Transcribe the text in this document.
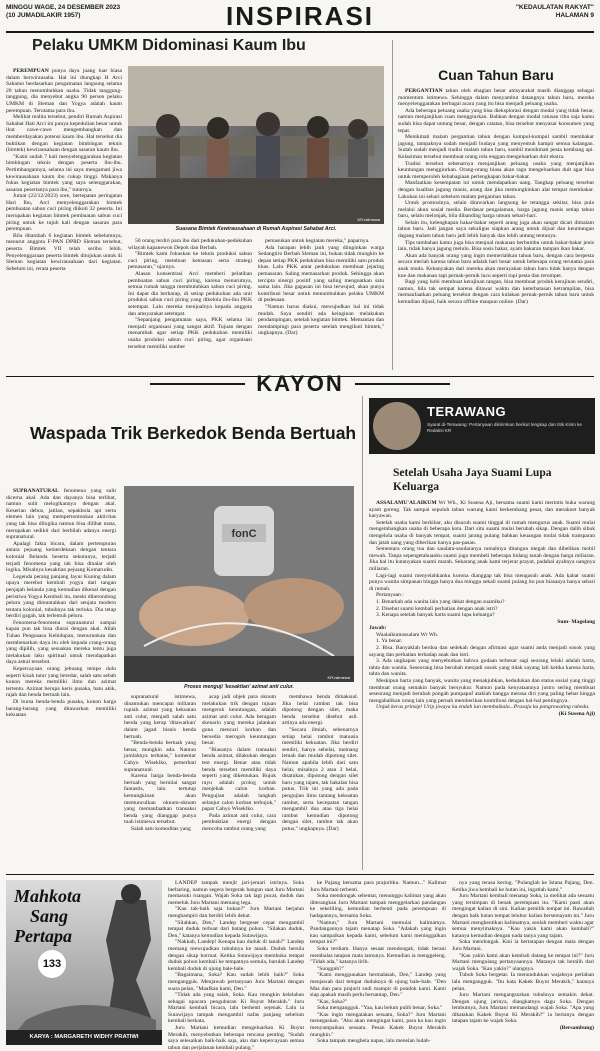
MINGGU WAGE, 24 DESEMBER 2023
(10 JUMADILAKIR 1957)	INSPIRASI	"KEDAULATAN RAKYAT"
HALAMAN 9
Pelaku UMKM Didominasi Kaum Ibu

PEREMPUAN punya daya juang luar biasa dalam berwirausaha. Hal ini diungkap H Arci Sahamo berdasarkan pengamatan langsung selama 20 tahun menumbuhkan usaha. Tidak tanggung-tanggung, dia menyebut angka 90 persen pelaku UMKM di Sleman dan Yogya adalah kaum perempuan. Terutama para ibu.

Melihat realita tersebut, pendiri Rumah Aspirasi Sahabat Hati Arci ini punya kepedulian besar untuk ikut cawe-cawe mengembangkan dan memberdayakan potensi kaum ibu. Hal tersebut dia buktikan dengan kegiatan bimbingan teknis (bimtek) kewirausahaan dengan sasaran kaum ibu.

"Kami sudah 7 kali menyelenggarakan kegiatan bimbingan teknis dengan peserta ibu-ibu. Pertimbangannya, selama ini saya mengamati jiwa kewirausahaan kaum ibu cukup tinggi. Makanya fokus kegiatan bimtek yang saya selenggarakan, sasaran pesertanya para ibu," tuturnya.

Jumat (22/12/2023) sore, bertepatan peringatan Hari Ibu, Arci menyelenggarakan bimtek pembuatan sabun cuci piring diikuti 32 peserta. Ini merupakan kegiatan bimtek pembuatan sabun cuci piring untuk ke tujuh kali dengan sasaran para perempuan.

Bila ditambah 6 kegiatan bimtek sebelumnya, menurut anggota F-PAN DPRD Sleman tersebut, peserta Bimtek VII telah seribu lebih. Penyelenggaraan peserta bimtek ditujukan untuk di Sleman kegiatan kewirausahaan dari kegiatan. Sebelum ini, rerata peserta

KR-istimewa
Suasana Bimtek Kewirausahaan di Rumah Aspirasi Sahabat Arci.

50 orang terdiri para ibu dari pedukuhan-pedukuhan wilayah kapanewon Depok dan Berbah.

"Bimtek kami fokuskan ke teknis produksi sabun cuci piring, membuat kemasan serta strategi pemasaran," ujarnya.

Alasan konsentrasi Arci memberi pelatihan pembuatan sabun cuci piring, karena menurutnya, semua rumah tangga membutuhkan sabun cuci piring. Ini dapat dia berharap, di setiap pedukuhan ada unit produksi sabun cuci piring yang dikelola ibu-ibu PKK setempat. Lalu mereka menjualnya kepada anggota dan amsyarakat setempat.

"Sepanjang pengamatan saya, PKK selama ini menjadi organisasi yang sangat aktif. Tujuan dengan menambah agar setiap PKK pedukuhan memiliki usaha produksi sabun cuci piring, agar organisasi tersebut memiliki sumber

pemasukan untuk kegiatan mereka," paparnya.

Ada harapan lebih jauh yang diinginkan warga Sedangtiro Berbah Sleman ini, bukan tidak mungkin ke depan setiap PKK pedukuhan bisa memiliki satu produk khas. Lalu PKK antar pedukuhan membuat jejaring pemasaran. Saling memasarkan produk. Sehingga akan tercipta sinergi positif yang saling menguatkan satu sama lain. Jika gagasan ini bisa terwujud, akan punya kontribusi besar untuk menumbuhkan pelaku UMKM di pedesaan.

"Namun harus diakui, mewujudkan hal ini tidak mudah. Saya sendiri ada keinginan melakukan pendampingan, setelah kegiatan bimtek. Memantau dan mendampingi para peserta setelah mengikuti bimtek," ungkapnya. (Dar)

Cuan Tahun Baru

PERGANTIAN tahun oleh ebagian besar amsyarakat masih dianggap sebagai momentum istimewa. Sehingga dalam menyambut datangnya tahun baru, mereka menyelenggarakan berbagai acara yang itu bisa menjadi peluang usaha.

Ada beberapa peluang usaha yang bisa dieksplorasi dengan modal yang tidak besar, namun menjanjikan cuan menggiurkan. Bahkan dengan modal ratusan ribu saja kamu sudah bisa dapat untung besar, dengan catatan, bisa tersebut menyasar konsumen yang tepat.

Menikmati malam pergantian tahun dengan kumpul-kumpul sambil membakar jagung, tampaknya sudah menjadi budaya yang menyentuh hampir semua kalangan. Sudah sudah menjadi tradisi malam tahun baru, sambil menikmati pesta kembang api. Kelaziman tersebut membuat orang rela enggan mengeluarkan duit ekstra.

Tradisi tersebut sebenarnya menjanjikan peluang usaha yang menjanjikan keuntungan menggiurkan. Orang-orang biasa akan ragu mengeluarkan duit agar bisa untuk memperoleh kebahagiaan perlengkapan bakar-bakar.

Manfaatkan kesempatan ini untuk mendapatkan uang. Tangkap peluang tersebut dengan kualitas jagung manis, arang dan jika memungkinkan alat tempat membakar. Lakukan ini sehari sebelum malam pergantian tahun.

Untuk promosinya, selain ditawarkan langsung ke tetangga sekitar, bisa pula melalui akun sosial media. Berdasar pengalaman, harga jagung manis setiap tahun baru, selalu melonjak, bila dibanding harga umum sehari-hari.

Selain itu, kelengkapan bakar-bakar seperti arang juga akan sangat dicari dimalam tahun baru. Jadi jangan saya sekaligus siapkan arang untuk dijual dan keuntungan dagang malam tahun baru jadi lebih banyak dan lebih untung tentunya.

Tips tambahan kamu juga bisa menjual makanan berbumbu untuk bakar-bakar jenis lain, tidak hanya jagung melulu. Bisa sosis bakar, ayam bakaran tampan ikan bakar.

Akan ada banyak orang yang ingin memeriahkan tahun baru, dengan cara berpesta secara meriah karena tahun baru adalah hari besar untuk beberapa orang terutama para anak muda. Kebanyakan dari mereka akan merayakan tahun baru tidak hanya dengan kue dan makanan tapi pernak-pernik lucu seperti topi pesta dan terompet.

Bagi yang hobi membuat kerajinan tangan, bisa membuat produk kerajinan sendiri, namun, bila tak sempat karena ditawar waktu dan keterbatasan ketrampilan, bisa memanfaatkan peluang tersebut dengan cara kulakan pernak-pernik tahun baru untuk kemudian dijual, baik secara offline maupun online. (Dar)

KAYON
Waspada Trik Berkedok Benda Bertuah

SUPRANATURAL fenomena yang sulit dicerna akal. Ada dan dayanya bisa terlihat, namun sulit melogikannya dengan akal. Keserian debus, jatilan, sepakbola api serta elemen lain yang mempertontonkan aktivitas yang tak bisa dilogika namun bisa dilihat mata, merupakan sedikit dari berbilah adanya energi supranatural.

Apalagi fakta bicara, dalam pertempuran antara pejuang kemerdekaan dengan tentara kolonial Belanda beserta sekutunya, terjadi terjadi fenomena yang tak bisa dinalar oleh logika. Misalnya kesaktian pejuang Komarudin.

Legenda perang panjang Jayur Kuning dalam upaya merebut kembali yogya dari tangan penjajah belanda yang kemudian dikenal dengan peristiwa Yogya Kembali itu, meski diberondong peluru yang dimuntahkan dari senjata modern tentara kolonial, tubuhnya tak terluka. Dia tetap berdiri gagah, tak terlentuh peluru.

Fenomena-fenomena supranatural sampai kapan pun tak bisa diurai dengan akal. Allah Tuhan Pengusasa Kehidupan, menurunkan dan membenarkan daya itu oleh kepada crang-orang yang dipilih, yang sesuakan mereka tentu juga melakukan laku spiritual untuk mendapatkan daya astral tersebut.

Kepercayaan orang jebuang tempo dulu seperti kisah tutur yang beredar, salah satu sebab konon mereka memiliki ilmu dan azimat tertentu. Azimat berupa keris pusaka, batu akik, rajah dan benda bertuah lain.

Di bursa benda-benda pusaka, konon harga barang-barang yang ditawarkan memiliki kekuatan

fonC
KR-istimewa
Proses menguji 'kesaktian' azimat anti culur.

supranatural istimewa, dinamukan mencapai miliaran rupiah. azimat yang kekuatan anti culur, menjadi salah satu benda yang kerap 'ditawarkan' dalam jagad bisnis benda bertuah.

"Benda-benda bertuah yang benar, mungkin ada. Namun jumlahnya terbatas," komentar Cahyo Wiseklko, pemerhati supranatural.

Karena harga benda-benda bertuah yang bernilai sangat fantastis, lalu tertutup kemungkinan akan memunculkan oknum-oknum yang memanfaatkan transaksi benda yang dianggap punya tuah istimewa tersebut.

Salah satu komoditas yang

acap jadi objek para oknum melakukan trik dengan tujuan mengeruk keuntungan, adalah azimat anti culur. Ada beragam skenario yang mereka jalankan guna mencari korban dan bersedia merogoh keuntungan besar.

"Biasanya dalam transaksi benda azimat, dilakukan dengan test energi. Benar atau tidak benda tersebut memiliki daya seperti yang dikemukan. Bujuk rayu adalah prolog untuk menjebak calon korban. Pengujian adalah langkah selanjut calon korban terbujuk," papar Cahyo Wiseklko.

Pada azimat anti culur, cara pembuktian energi dengan mencoba rambut orang yang

membawa benda dimaksud. Jika helai rambut tak bisa dipotong dengan silet, maka benda tersebut disebut asli. artinya ada energi.

"Secara ilmiah, sebenarnya setiap helai rambut manusia memiliki kekuatan. Jika berdiri sendiri, hanya sehelai, memang lemah dan mudah dipotong silet. Namun apabila lebih dari satu helai, misalnya 2 atau 3 helai, disatukan, dipotong dengan silet baru yang tajam, tak bakalan bisa putus. Trik ini yang ada pada pengujian ilmu tantang kekuatan rambut, serta kecepatan tangan mengambil dua atau tiga helai rambut kemudian dipotong dengan silet, rambut tak akan putus," ungkapnya. (Dar)

TERAWANG
Syarat di-Terawang: Pertanyaan dikirimkan berikut lengkap dan titik Kirim ke Redaksi KR
Setelah Usaha Jaya Suami Lupa Keluarga

ASSALAMU'ALAIKUM Wr Wb., Ki Susena Aji, bersama suami kami merintis buka warung ayam goreng. Tak sampai sepuluh tahun warung kami berkembang pesat, dan meraknet banyak karyawan.

Setelah usaha kami berkibar, aku disuruh suami tinggal di rumah mengurus anak. Suami mulai mengembangkan usaha di beberapa kota. Dari situ suami mulai berubah sikap. Dengan dalih sibuk mengelola usaha di banyak tempat, suami jarang pulang bahkan keuangan mulai tidak transparan dan jatah uang yang diberikan hanya pas-pasan.

Sementara orang tua dan saudara-saudaranya rumahnya ditangun megah dan dibelikan mobil mewah. Tanpa sepengetahuanku suami juga membeli beberapa bidang tanah dengan harga miliaran. Jika hal itu kutanyakan suami marah. Sekarang anak kami terjerat prayut, padahal ayahnya uangnya miliaran.

Lagi-lagi suami menyelahkanku korona dianggap tak bisa mengasuh anak. Ada kabar suami punya wanita simpanan hingga hanya dua minggu sekali suami pulang itu pun biasanya hanya sehari di rumah.

Pertanyaan :

1. Benarkah ada wanita lain yang dekat dengan suamiku?

2. Disebut suami kembali perhatian dengan anak istri?

3. Kenapa setelah banyak harta suami lupa keluarga?

Sum- Magelang

Jawab:

Waalaikumussalam Wr Wb.

1. Ya benar.

2. Bisa. Banyaklah berdoa dan sedekah dengan afirmasi agar suami anda menjadi sosok yang sayang dan perhatian terhadap anak dan istri.

3. Ada ungkapan yang menyebutkan bahwa godaan terbesar sagi seorang lelaki adalah harta, tahta dan wanita. Seseorang bisa berubah menjadi sosok yang tidak sayang lali ketika karena harta, tahta dan wanita.

Meskipun harta yang banyak, wanita yang menakjubkan, kedudukan dan status sosial yang tinggi membuat orang semakin banyak bersyukur. Namun pada kenyataannya justru sering membuat seseorang menjadi berubah pongah pumpapuf ataklah bangga merasa diri yang paling hebat hingga mengabalikan orang lain yang pernah memberikan kontribusi dengan hal-hal pentingnya.

Unjuk keras prinsip! Urip jiwaya ku endah lan membaikala...Prasaja ku pangrowating rubeda.

(Ki Susena Aji)

Mahkota
Sang
Pertapa
133
KARYA : MARGARETH WIDHY PRATIWI

LANDEP tampak menjit jari-jemari istrinya. Soka berbaring, namun segera bergerak bangun saat Juru Martani memasuki ruangan. Wajah Soka tak lagi pucat, duduk dan memeluk Juru Martani memang lega.

"Kau tak-baik saja bukan?" Juru Martani berjalan menghampiri dan berdiri lebih dekat.

"Silahkan, Den," Landep bergeser cepat mengambil tempat duduk terbuat dari batang pohon. "Silakan duduk, Den," katanya kemudian kepada Sutawijaya.

"Nakkah, Landep! Kenapa kau duduk di tanah?" Landep memang mewujudkan tubuhnya ke tanah. Duduk bersila dengan sikap hormat. Ketika Sutawijaya membuka tempat duduk pohon kembali ke tempatnya semula, barulah Landep kembali duduk di ujung bale-bale.

"Bagaimana, Soka? Kau sudah lebih baik?" Soka mengangguk. Menjawab pertanyaan Juru Martani dengan suara pelan, "Maafkan kami, Den."

"Tidak ada yang salah, Soka. Kau mungkin kelelahan sebagai upacara penguburan Ki Buyut Merakih." Juru Martani kembali bicara, lalu berhenti sejenak. Lalu ia Sutawijaya tampak mengambil nafas panjang sebelum kembali berkata.

Juru Martani kemudian mengeluarkan Ki Buyut Merakih, menyebutkan beberapa rencana penting. "Sudah saya selesaikan baik-baik saja, aku dan kepercayaan semua tahun dan perjalanan kembali pulang."

ke Pajang bersama para prajuritku. Namun..." Kalimat Juru Martani terhenti.

Soka mendongak sebentar, menunggu kalimat yang akan diterangkan Juru Martani tampak menggelarkan pandangan ke sekeliling, kemudian berhenti pada perempuan di hadapannya, bersama Soka.

"Namun," Juru Martani memulai kalimatnya. Pandangannya tajam menatap Soka. "Adakah yang ingin kau sampaikan kepada kami, sebelum kami meninggalkan tempat ini?"

Soka terdiam. Hanya sesaat mendongak, tidak berani membalas tatapan mata tamunya. Kemudian ia menggeleng. "Tidak ada," katanya lirih.

"Sungguh?"

"Kami menggunakan bermalasah, Den," Landep yang menjawab dari tempat duduknya di ujung bale-bale. "Den Mas dan para prajurit sudi mampir di pondok kami. Kami siap apakah masih perlu bersantap, Den."

"Kau, Soka?"

Soka mengangguk. "Yaa, kau belum pulih benar, Soka."

"Kau ingin mengatakan sesuatu, Soka?" Juru Martani menegaskan. "Aku akan mengingat kami, para ka kau ingin menyampaikan sesuatu. Pesan Kakek Buyut Merakih mungkin."

Soka tampak menghela napas, lalu menelan ludah-

nya yang terasa kering. "Pulanglah ke Istana Pajang, Den. Ketika jiwa kembali ke hutan ini, ingatlah kami."

Juru Martani kembali menatap Soka, ia melihat ada sesuatu yang tersimpan di benak perempuan itu. "Kami pasti akan mengingat kalian di sini. Kalian pemilik tempat ini. Rawatlah dengan baik hutan tempat leluhur kalian bersemayam ini." Juru Martani menghentikan kalimatnya, seolah memberi waktu agar semua menyimaknya. "Kau yakin kami akan kembali?" katanya kemudian dengan nada tanya yang tajam.

Soka mendongak. Kini ia bertatapan dengan mata dengan Juru Martani.

"Kau yakin kami akan kembali datang ke tempat ini?" Juru Martani mengulang pertanyaannya. Matanya tak beralih dari wajah Soka. "Kau yakin?" ulangnya.

Tubuh Soka bergetar. Ia menundukkan wajahnya perlahan lalu mengangguk. "Itu kata Kakek Buyut Merakih," katanya pelan.

Juru Martani mengangsurkan tubuhnya semakin dekat. Dengan ujung jarinya, diangkatnya dagu Soka. Dengan lembutnya, Juru Martani memandangi wajah Soka. "Apa yang dikatakan Kakek Buyut Ki Merakih?" ia bertanya dengan tatapan tajam ke wajah Soka.

(Bersambung)
